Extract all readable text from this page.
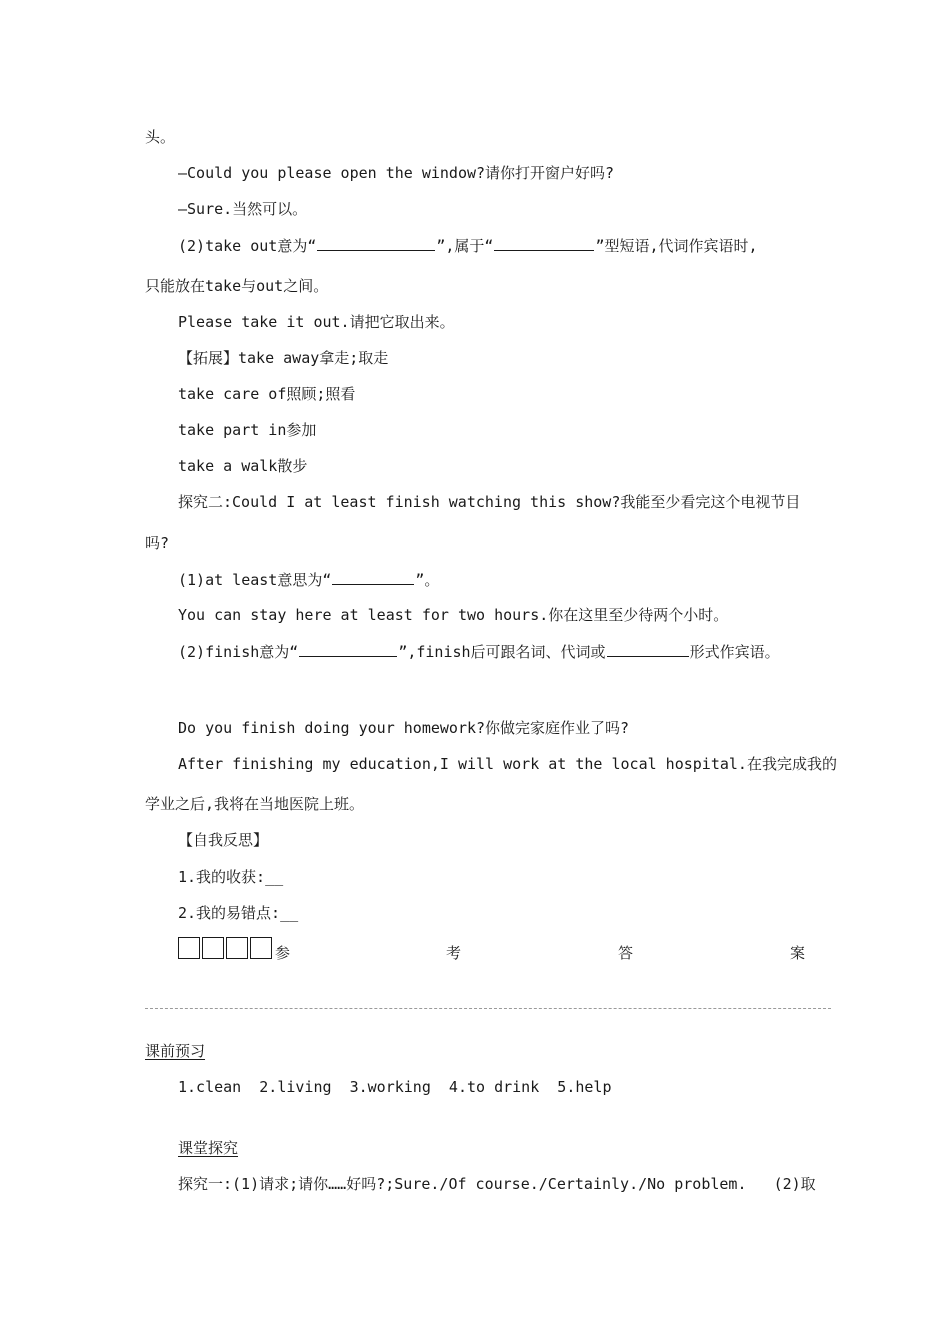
头。
—Could you please open the window?请你打开窗户好吗?
—Sure.当然可以。
(2)take out意为“	”,属于“	”型短语,代词作宾语时,
只能放在take与out之间。
Please take it out.请把它取出来。
【拓展】take away拿走;取走
take care of照顾;照看
take part in参加
take a walk散步
探究二:Could I at least finish watching this show?我能至少看完这个电视节目
吗?
(1)at least意思为“	”。
You can stay here at least for two hours.你在这里至少待两个小时。
(2)finish意为“	”,finish后可跟名词、代词或	形式作宾语。
Do you finish doing your homework?你做完家庭作业了吗?
After finishing my education,I will work at the local hospital.在我完成我的
学业之后,我将在当地医院上班。
【自我反思】
1.我的收获:__
2.我的易错点:__
参	考	答	案
课前预习
1.clean  2.living  3.working  4.to drink  5.help
课堂探究
探究一:(1)请求;请你……好吗?;Sure./Of course./Certainly./No problem.   (2)取
